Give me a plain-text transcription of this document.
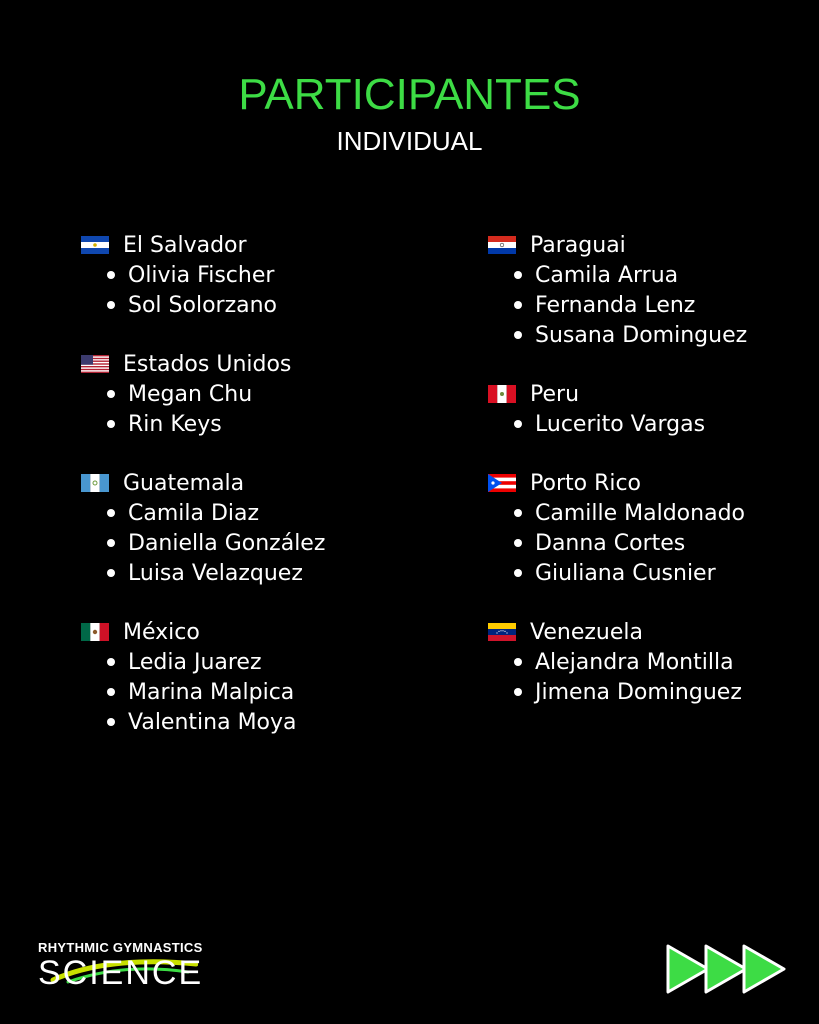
PARTICIPANTES
INDIVIDUAL
El Salvador
Olivia Fischer
Sol Solorzano
Estados Unidos
Megan Chu
Rin Keys
Guatemala
Camila Diaz
Daniella González
Luisa Velazquez
México
Ledia Juarez
Marina Malpica
Valentina Moya
Paraguai
Camila Arrua
Fernanda Lenz
Susana Dominguez
Peru
Lucerito Vargas
Porto Rico
Camille Maldonado
Danna Cortes
Giuliana Cusnier
Venezuela
Alejandra Montilla
Jimena Dominguez
RHYTHMIC GYMNASTICS
SCIENCE
